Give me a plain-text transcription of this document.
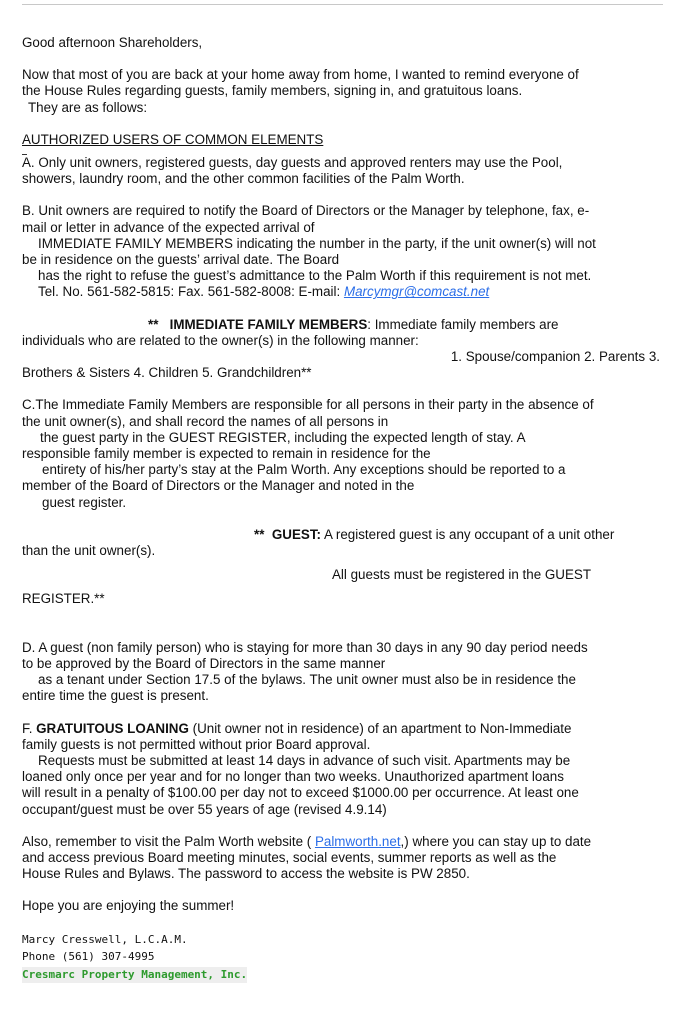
Good afternoon Shareholders,

Now that most of you are back at your home away from home, I wanted to remind everyone of

the House Rules regarding guests, family members, signing in, and gratuitous loans.

They are as follows:

AUTHORIZED USERS OF COMMON ELEMENTS

A. Only unit owners, registered guests, day guests and approved renters may use the Pool,

showers, laundry room, and the other common facilities of the Palm Worth.

B. Unit owners are required to notify the Board of Directors or the Manager by telephone, fax, e-

mail or letter in advance of the expected arrival of

IMMEDIATE FAMILY MEMBERS indicating the number in the party, if the unit owner(s) will not

be in residence on the guests’ arrival date. The Board

has the right to refuse the guest’s admittance to the Palm Worth if this requirement is not met.

Tel. No. 561-582-5815: Fax. 561-582-8008: E-mail: Marcymgr@comcast.net

** IMMEDIATE FAMILY MEMBERS: Immediate family members are

individuals who are related to the owner(s) in the following manner:

1. Spouse/companion 2. Parents 3.

Brothers & Sisters 4. Children 5. Grandchildren**

C.The Immediate Family Members are responsible for all persons in their party in the absence of

the unit owner(s), and shall record the names of all persons in

the guest party in the GUEST REGISTER, including the expected length of stay. A

responsible family member is expected to remain in residence for the

entirety of his/her party’s stay at the Palm Worth. Any exceptions should be reported to a

member of the Board of Directors or the Manager and noted in the

guest register.

** GUEST: A registered guest is any occupant of a unit other

than the unit owner(s).

All guests must be registered in the GUEST

REGISTER.**

D. A guest (non family person) who is staying for more than 30 days in any 90 day period needs

to be approved by the Board of Directors in the same manner

as a tenant under Section 17.5 of the bylaws. The unit owner must also be in residence the

entire time the guest is present.

F. GRATUITOUS LOANING (Unit owner not in residence) of an apartment to Non-Immediate

family guests is not permitted without prior Board approval.

Requests must be submitted at least 14 days in advance of such visit. Apartments may be

loaned only once per year and for no longer than two weeks. Unauthorized apartment loans

will result in a penalty of $100.00 per day not to exceed $1000.00 per occurrence. At least one

occupant/guest must be over 55 years of age (revised 4.9.14)

Also, remember to visit the Palm Worth website ( Palmworth.net,) where you can stay up to date

and access previous Board meeting minutes, social events, summer reports as well as the

House Rules and Bylaws. The password to access the website is PW 2850.

Hope you are enjoying the summer!

Marcy Cresswell, L.C.A.M.

Phone (561) 307-4995

Cresmarc Property Management, Inc.
